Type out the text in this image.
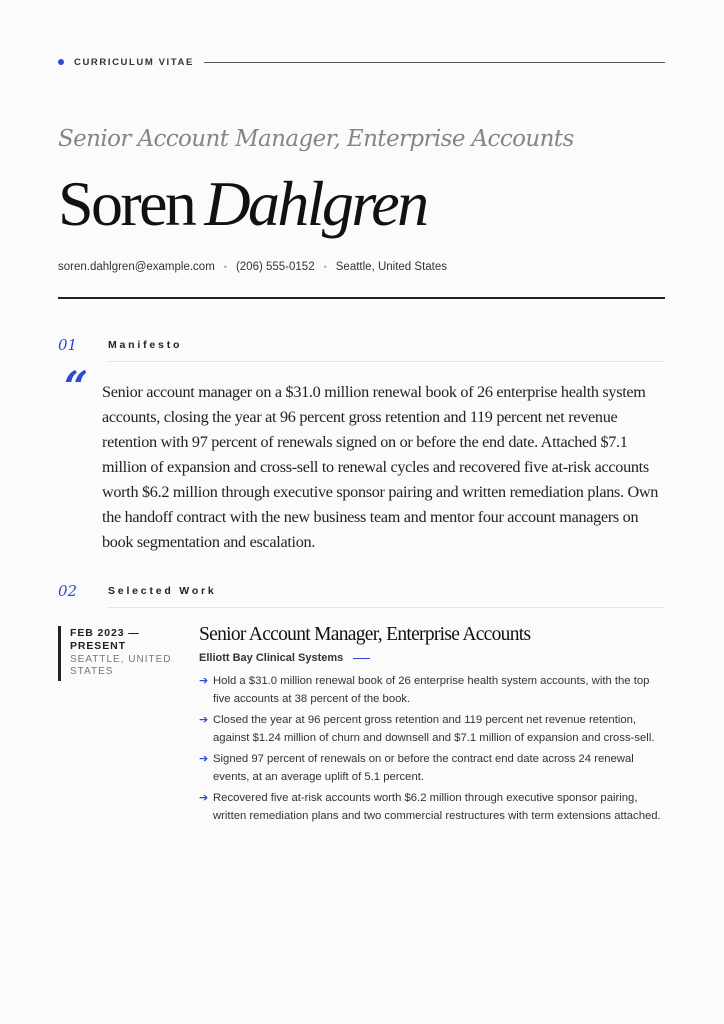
CURRICULUM VITAE
Senior Account Manager, Enterprise Accounts
Soren Dahlgren
soren.dahlgren@example.com • (206) 555-0152 • Seattle, United States
01	Manifesto
“ Senior account manager on a $31.0 million renewal book of 26 enterprise health system accounts, closing the year at 96 percent gross retention and 119 percent net revenue retention with 97 percent of renewals signed on or before the end date. Attached $7.1 million of expansion and cross-sell to renewal cycles and recovered five at-risk accounts worth $6.2 million through executive sponsor pairing and written remediation plans. Own the handoff contract with the new business team and mentor four account managers on book segmentation and escalation.

02	Selected Work
FEB 2023 — PRESENT
SEATTLE, UNITED STATES
Senior Account Manager, Enterprise Accounts
Elliott Bay Clinical Systems
➔ Hold a $31.0 million renewal book of 26 enterprise health system accounts, with the top five accounts at 38 percent of the book.
➔ Closed the year at 96 percent gross retention and 119 percent net revenue retention, against $1.24 million of churn and downsell and $7.1 million of expansion and cross-sell.
➔ Signed 97 percent of renewals on or before the contract end date across 24 renewal events, at an average uplift of 5.1 percent.
➔ Recovered five at-risk accounts worth $6.2 million through executive sponsor pairing, written remediation plans and two commercial restructures with term extensions attached.
